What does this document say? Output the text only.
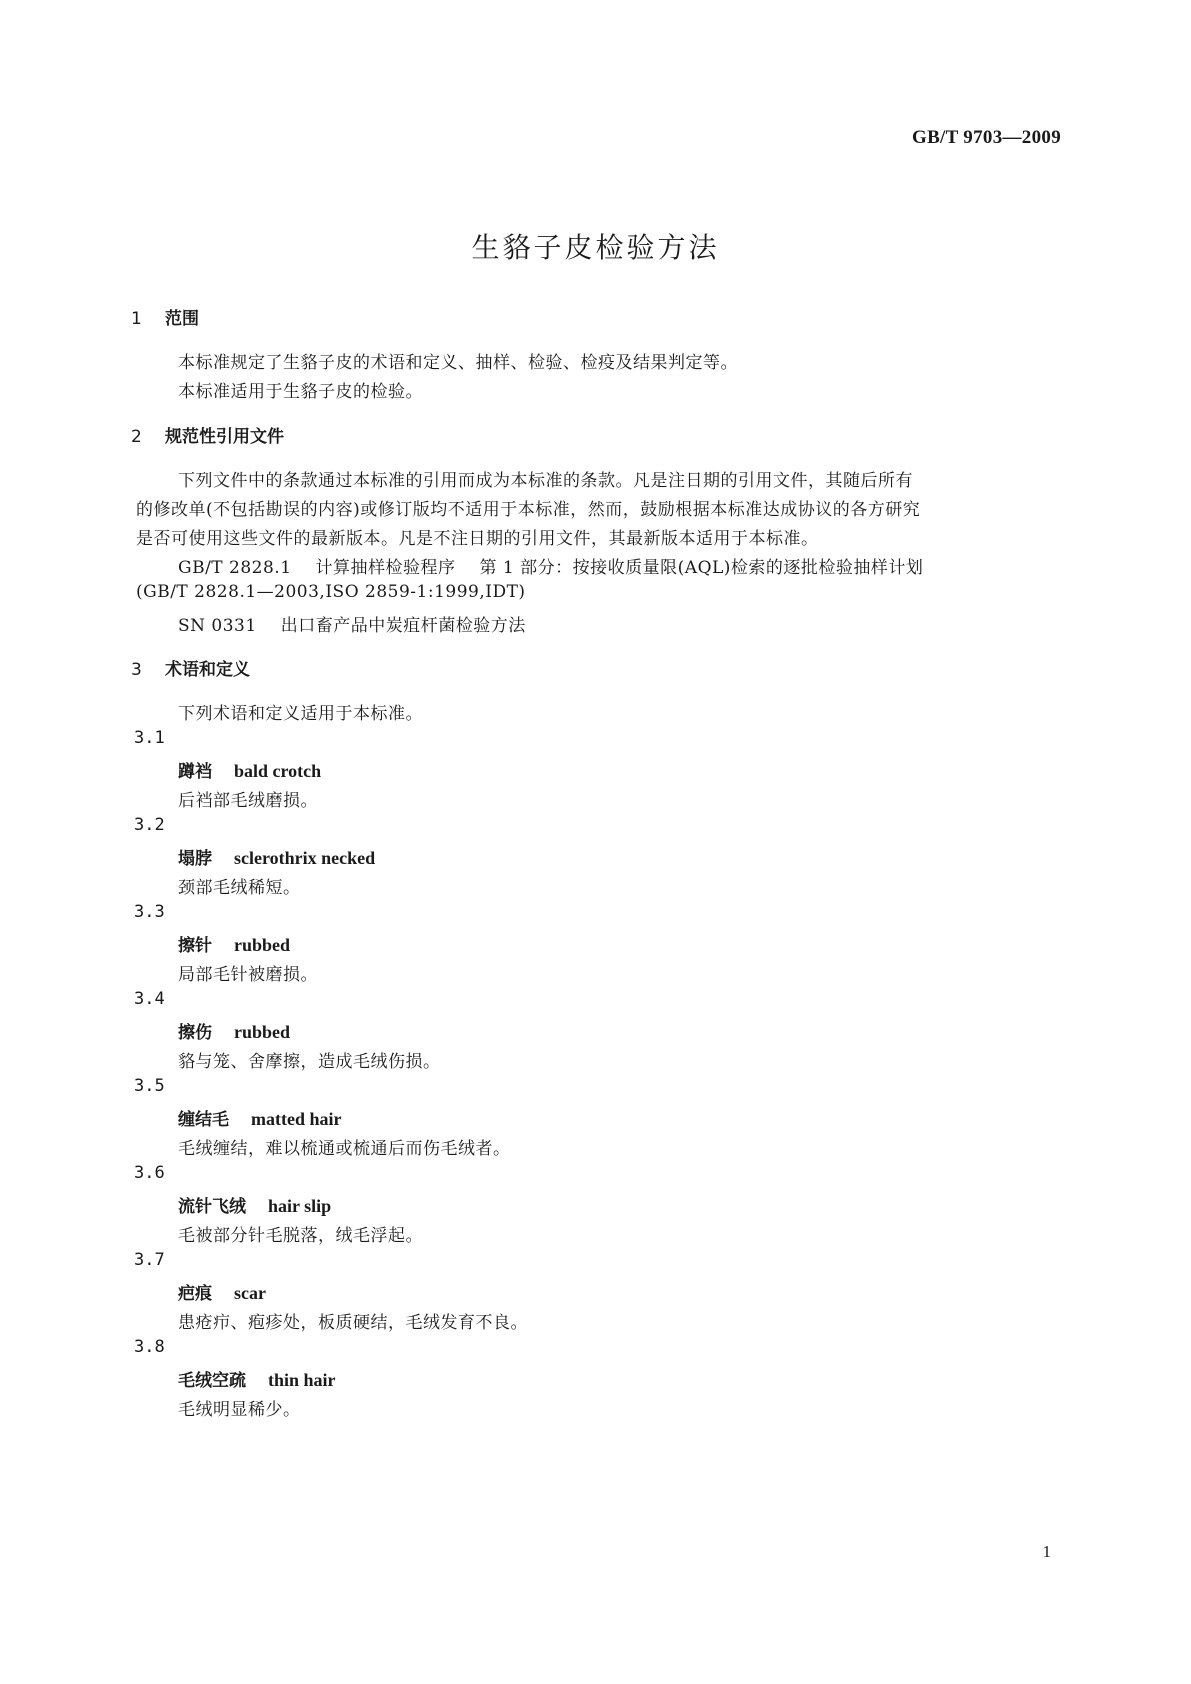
GB/T 9703—2009
生貉子皮检验方法
1 范围
本标准规定了生貉子皮的术语和定义、抽样、检验、检疫及结果判定等。
本标准适用于生貉子皮的检验。
2 规范性引用文件
下列文件中的条款通过本标准的引用而成为本标准的条款。凡是注日期的引用文件，其随后所有
的修改单(不包括勘误的内容)或修订版均不适用于本标准，然而，鼓励根据本标准达成协议的各方研究
是否可使用这些文件的最新版本。凡是不注日期的引用文件，其最新版本适用于本标准。
GB/T 2828.1 计算抽样检验程序 第 1 部分：按接收质量限(AQL)检索的逐批检验抽样计划
(GB/T 2828.1—2003,ISO 2859-1:1999,IDT)
SN 0331 出口畜产品中炭疽杆菌检验方法
3 术语和定义
下列术语和定义适用于本标准。
3.1
蹲裆 bald crotch
后裆部毛绒磨损。
3.2
塌脖 sclerothrix necked
颈部毛绒稀短。
3.3
擦针 rubbed
局部毛针被磨损。
3.4
擦伤 rubbed
貉与笼、舍摩擦，造成毛绒伤损。
3.5
缠结毛 matted hair
毛绒缠结，难以梳通或梳通后而伤毛绒者。
3.6
流针飞绒 hair slip
毛被部分针毛脱落，绒毛浮起。
3.7
疤痕 scar
患疮疖、疱疹处，板质硬结，毛绒发育不良。
3.8
毛绒空疏 thin hair
毛绒明显稀少。
1
